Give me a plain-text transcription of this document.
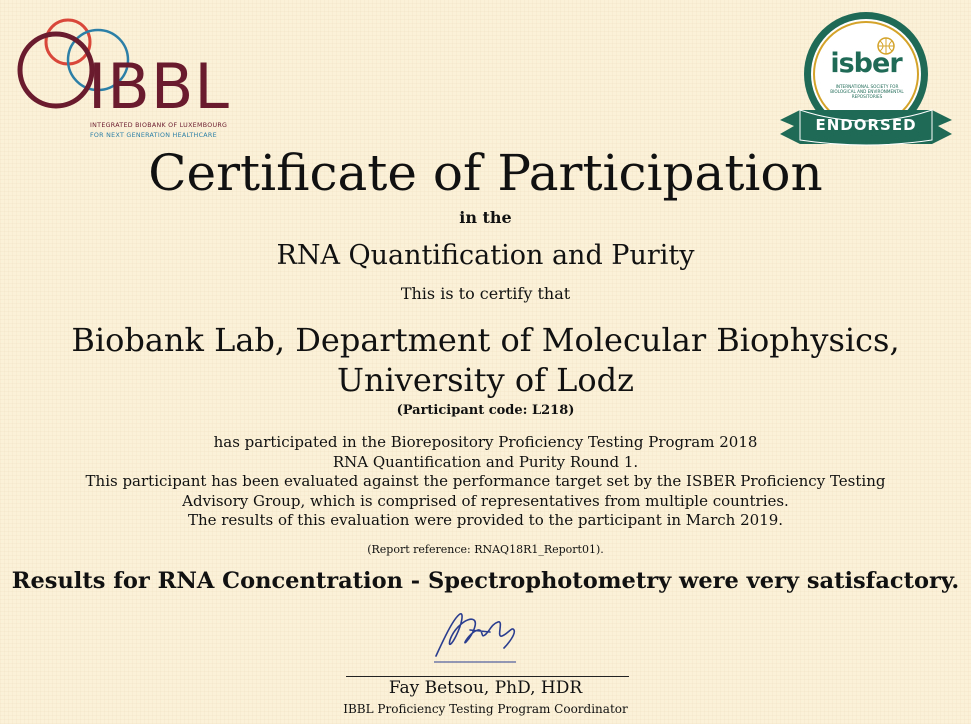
IBBL
INTEGRATED BIOBANK OF LUXEMBOURG
FOR NEXT GENERATION HEALTHCARE
isber
INTERNATIONAL SOCIETY FOR BIOLOGICAL AND ENVIRONMENTAL REPOSITORIES
ENDORSED
Certificate of Participation
in the
RNA Quantification and Purity
This is to certify that
Biobank Lab, Department of Molecular Biophysics, University of Lodz
(Participant code: L218)
has participated in the Biorepository Proficiency Testing Program 2018
RNA Quantification and Purity Round 1.
This participant has been evaluated against the performance target set by the ISBER Proficiency Testing
Advisory Group, which is comprised of representatives from multiple countries.
The results of this evaluation were provided to the participant in March 2019.
(Report reference: RNAQ18R1_Report01).
Results for RNA Concentration - Spectrophotometry were very satisfactory.
Fay Betsou, PhD, HDR
IBBL Proficiency Testing Program Coordinator
